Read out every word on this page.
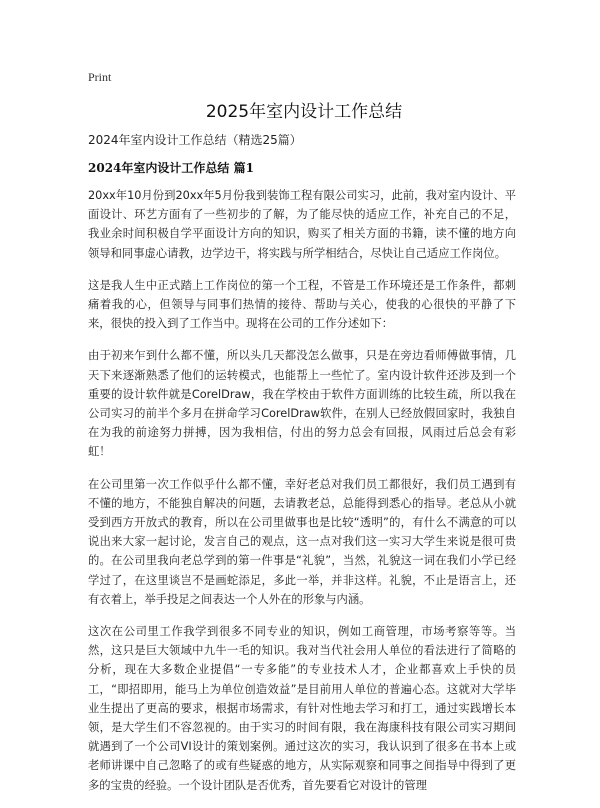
Print
2025年室内设计工作总结
2024年室内设计工作总结（精选25篇）
2024年室内设计工作总结 篇1

20xx年10月份到20xx年5月份我到装饰工程有限公司实习，此前，我对室内设计、平面设计、环艺方面有了一些初步的了解，为了能尽快的适应工作，补充自己的不足，我业余时间积极自学平面设计方向的知识，购买了相关方面的书籍，读不懂的地方向领导和同事虚心请教，边学边干，将实践与所学相结合，尽快让自己适应工作岗位。

这是我人生中正式踏上工作岗位的第一个工程，不管是工作环境还是工作条件，都刺痛着我的心，但领导与同事们热情的接待、帮助与关心，使我的心很快的平静了下来，很快的投入到了工作当中。现将在公司的工作分述如下：

由于初来乍到什么都不懂，所以头几天都没怎么做事，只是在旁边看师傅做事情，几天下来逐渐熟悉了他们的运转模式，也能帮上一些忙了。室内设计软件还涉及到一个重要的设计软件就是CorelDraw，我在学校由于软件方面训练的比较生疏，所以我在公司实习的前半个多月在拼命学习CorelDraw软件，在别人已经放假回家时，我独自在为我的前途努力拼搏，因为我相信，付出的努力总会有回报，风雨过后总会有彩虹！

在公司里第一次工作似乎什么都不懂，幸好老总对我们员工都很好，我们员工遇到有不懂的地方，不能独自解决的问题，去请教老总，总能得到悉心的指导。老总从小就受到西方开放式的教育，所以在公司里做事也是比较“透明”的，有什么不满意的可以说出来大家一起讨论，发言自己的观点，这一点对我们这一实习大学生来说是很可贵的。在公司里我向老总学到的第一件事是“礼貌”，当然，礼貌这一词在我们小学已经学过了，在这里谈岂不是画蛇添足，多此一举，并非这样。礼貌，不止是语言上，还有衣着上，举手投足之间表达一个人外在的形象与内涵。

这次在公司里工作我学到很多不同专业的知识，例如工商管理，市场考察等等。当然，这只是巨大领域中九牛一毛的知识。我对当代社会用人单位的看法进行了简略的分析，现在大多数企业提倡“一专多能”的专业技术人才，企业都喜欢上手快的员工，“即招即用，能马上为单位创造效益”是目前用人单位的普遍心态。这就对大学毕业生提出了更高的要求，根据市场需求，有针对性地去学习和打工，通过实践增长本领，是大学生们不容忽视的。由于实习的时间有限，我在海康科技有限公司实习期间就遇到了一个公司VI设计的策划案例。通过这次的实习，我认识到了很多在书本上或老师讲课中自己忽略了的或有些疑惑的地方，从实际观察和同事之间指导中得到了更多的宝贵的经验。一个设计团队是否优秀，首先要看它对设计的管理
